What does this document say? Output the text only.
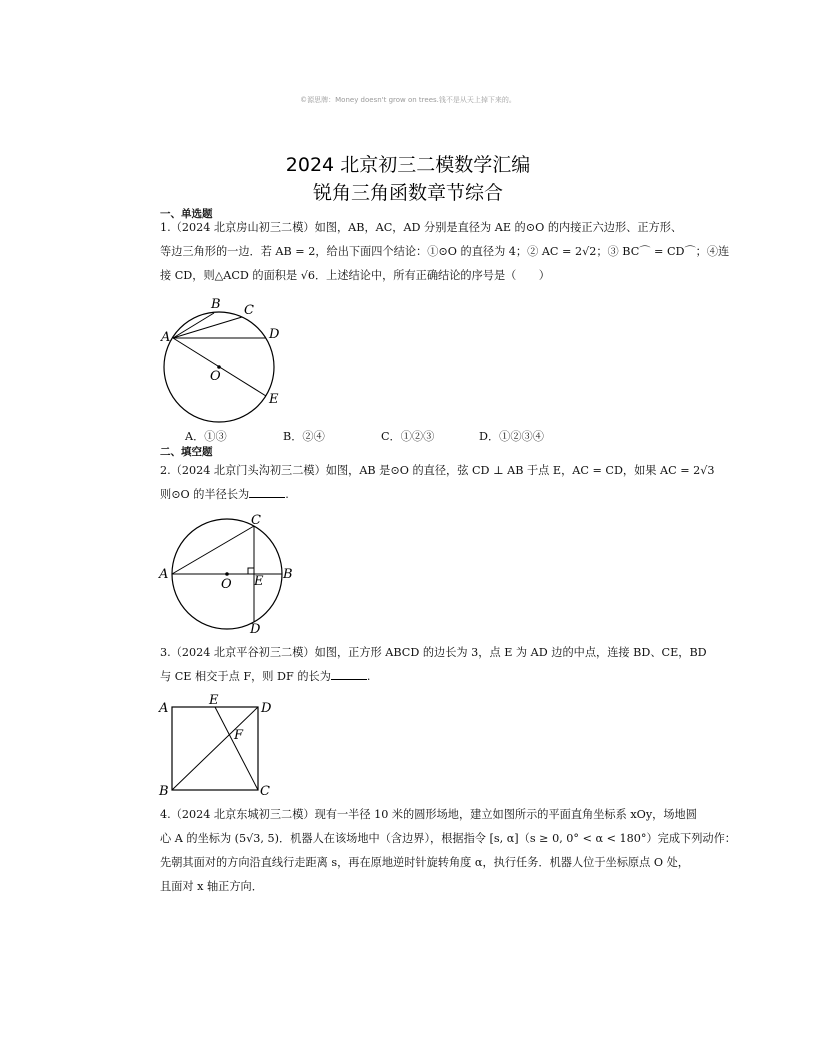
©源思牌：Money doesn't grow on trees.钱不是从天上掉下来的。
2024 北京初三二模数学汇编
锐角三角函数章节综合
一、单选题
1.（2024 北京房山初三二模）如图，AB，AC，AD 分别是直径为 AE 的⊙O 的内接正六边形、正方形、
等边三角形的一边．若 AB = 2，给出下面四个结论：①⊙O 的直径为 4；② AC = 2√2；③ BC⌒ = CD⌒；④连
接 CD，则△ACD 的面积是 √6．上述结论中，所有正确结论的序号是（　　）
A
B C
D
O
E
A．①③	B．②④	C．①②③	D．①②③④
二、填空题
2.（2024 北京门头沟初三二模）如图，AB 是⊙O 的直径，弦 CD ⊥ AB 于点 E，AC = CD，如果 AC = 2√3
则⊙O 的半径长为	.
C
A
O E B
D
3.（2024 北京平谷初三二模）如图，正方形 ABCD 的边长为 3，点 E 为 AD 边的中点，连接 BD、CE，BD
与 CE 相交于点 F，则 DF 的长为	.
A
E
D
F
B	C
4.（2024 北京东城初三二模）现有一半径 10 米的圆形场地，建立如图所示的平面直角坐标系 xOy，场地圆
心 A 的坐标为 (5√3, 5)．机器人在该场地中（含边界），根据指令 [s, α]（s ≥ 0, 0° < α < 180°）完成下列动作：
先朝其面对的方向沿直线行走距离 s，再在原地逆时针旋转角度 α，执行任务．机器人位于坐标原点 O 处，
且面对 x 轴正方向．
